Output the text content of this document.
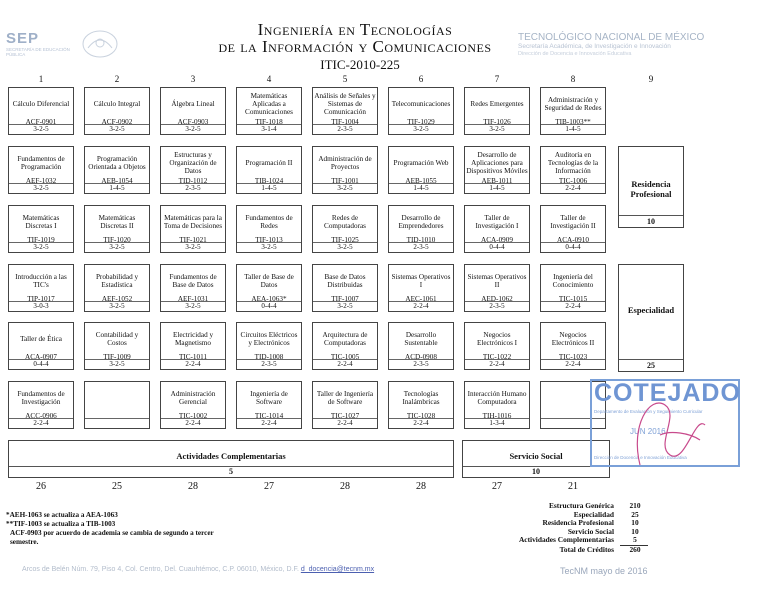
SEP
SECRETARÍA DE EDUCACIÓN PÚBLICA
Ingeniería en Tecnologías
de la Información y Comunicaciones
ITIC-2010-225
TECNOLÓGICO NACIONAL DE MÉXICO
Secretaría Académica, de Investigación e Innovación
Dirección de Docencia e Innovación Educativa
1	2	3	4	5	6	7	8	9
Cálculo Diferencial
ACF-0901
3-2-5
Cálculo Integral
ACF-0902
3-2-5
Álgebra Lineal
ACF-0903
3-2-5
Matemáticas Aplicadas a Comunicaciones
TIF-1018
3-1-4
Análisis de Señales y Sistemas de Comunicación
TIF-1004
2-3-5
Telecomunicaciones
TIF-1029
3-2-5
Redes Emergentes
TIF-1026
3-2-5
Administración y Seguridad de Redes
TIB-1003**
1-4-5
Fundamentos de Programación
AEF-1032
3-2-5
Programación Orientada a Objetos
AEB-1054
1-4-5
Estructuras y Organización de Datos
TID-1012
2-3-5
Programación II
TIB-1024
1-4-5
Administración de Proyectos
TIF-1001
3-2-5
Programación Web
AEB-1055
1-4-5
Desarrollo de Aplicaciones para Dispositivos Móviles
AEB-1011
1-4-5
Auditoría en Tecnologías de la Información
TIC-1006
2-2-4
Matemáticas Discretas I
TIF-1019
3-2-5
Matemáticas Discretas II
TIF-1020
3-2-5
Matemáticas para la Toma de Decisiones
TIF-1021
3-2-5
Fundamentos de Redes
TIF-1013
3-2-5
Redes de Computadoras
TIF-1025
3-2-5
Desarrollo de Emprendedores
TID-1010
2-3-5
Taller de Investigación I
ACA-0909
0-4-4
Taller de Investigación II
ACA-0910
0-4-4
Introducción a las TIC's
TIP-1017
3-0-3
Probabilidad y Estadística
AEF-1052
3-2-5
Fundamentos de Base de Datos
AEF-1031
3-2-5
Taller de Base de Datos
AEA-1063*
0-4-4
Base de Datos Distribuidas
TIF-1007
3-2-5
Sistemas Operativos I
AEC-1061
2-2-4
Sistemas Operativos II
AED-1062
2-3-5
Ingeniería del Conocimiento
TIC-1015
2-2-4
Taller de Ética
ACA-0907
0-4-4
Contabilidad y Costos
TIF-1009
3-2-5
Electricidad y Magnetismo
TIC-1011
2-2-4
Circuitos Eléctricos y Electrónicos
TID-1008
2-3-5
Arquitectura de Computadoras
TIC-1005
2-2-4
Desarrollo Sustentable
ACD-0908
2-3-5
Negocios Electrónicos I
TIC-1022
2-2-4
Negocios Electrónicos II
TIC-1023
2-2-4
Fundamentos de Investigación
ACC-0906
2-2-4
Administración Gerencial
TIC-1002
2-2-4
Ingeniería de Software
TIC-1014
2-2-4
Taller de Ingeniería de Software
TIC-1027
2-2-4
Tecnologías Inalámbricas
TIC-1028
2-2-4
Interacción Humano Computadora
TIH-1016
1-3-4
Residencia Profesional
10
Especialidad
25
Actividades Complementarias
5
Servicio Social
10
26	25	28	27	28	28	27	21
COTEJADO
Departamento de Evaluación y Seguimiento Curricular
JUN 2016
Dirección de Docencia e Innovación Educativa
*AEH-1063 se actualiza a AEA-1063
**TIF-1003 se actualiza a TIB-1003
ACF-0903 por acuerdo de academia se cambia de segundo a tercer semestre.
Estructura Genérica	210
Especialidad	25
Residencia Profesional	10
Servicio Social	10
Actividades Complementarias	5
Total de Créditos	260
Arcos de Belén Núm. 79, Piso 4, Col. Centro, Del. Cuauhtémoc, C.P. 06010, México, D.F. d_docencia@tecnm.mx	TecNM mayo de 2016
